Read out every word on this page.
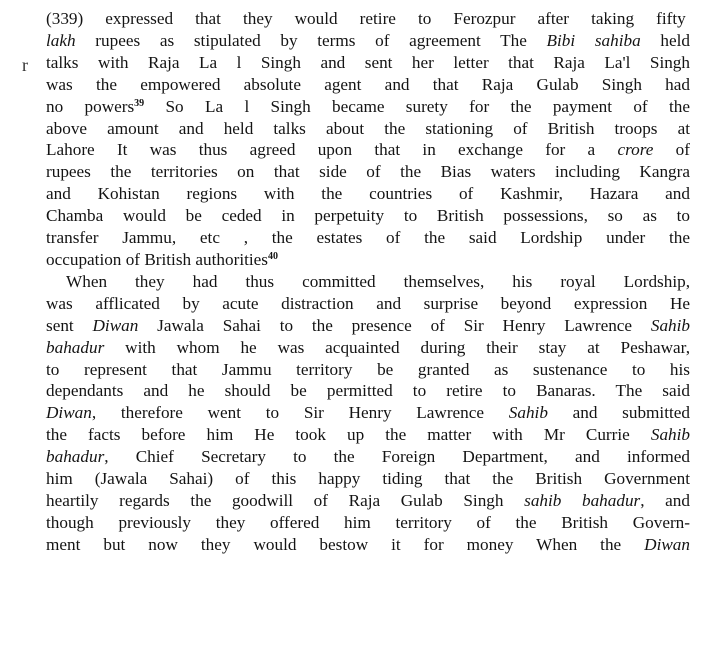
r
(339) expressed that they would retire to Ferozpur after taking fifty
lakh rupees as stipulated by terms of agreement The Bibi sahiba held
talks with Raja La l Singh and sent her letter that Raja La'l Singh
was the empowered absolute agent and that Raja Gulab Singh had
no powers$^{39}$ So La l Singh became surety for the payment of the
above amount and held talks about the stationing of British troops at
Lahore It was thus agreed upon that in exchange for a crore of
rupees the territories on that side of the Bias waters including Kangra
and Kohistan regions with the countries of Kashmir, Hazara and
Chamba would be ceded in perpetuity to British possessions, so as to
transfer Jammu, etc , the estates of the said Lordship under the
occupation of British authorities$^{40}$
When they had thus committed themselves, his royal Lordship,
was afflicated by acute distraction and surprise beyond expression He
sent Diwan Jawala Sahai to the presence of Sir Henry Lawrence Sahib
bahadur with whom he was acquainted during their stay at Peshawar,
to represent that Jammu territory be granted as sustenance to his
dependants and he should be permitted to retire to Banaras. The said
Diwan, therefore went to Sir Henry Lawrence Sahib and submitted
the facts before him He took up the matter with Mr Currie Sahib
bahadur, Chief Secretary to the Foreign Department, and informed
him (Jawala Sahai) of this happy tiding that the British Government
heartily regards the goodwill of Raja Gulab Singh sahib bahadur, and
though previously they offered him territory of the British Govern-
ment but now they would bestow it for money When the Diwan
